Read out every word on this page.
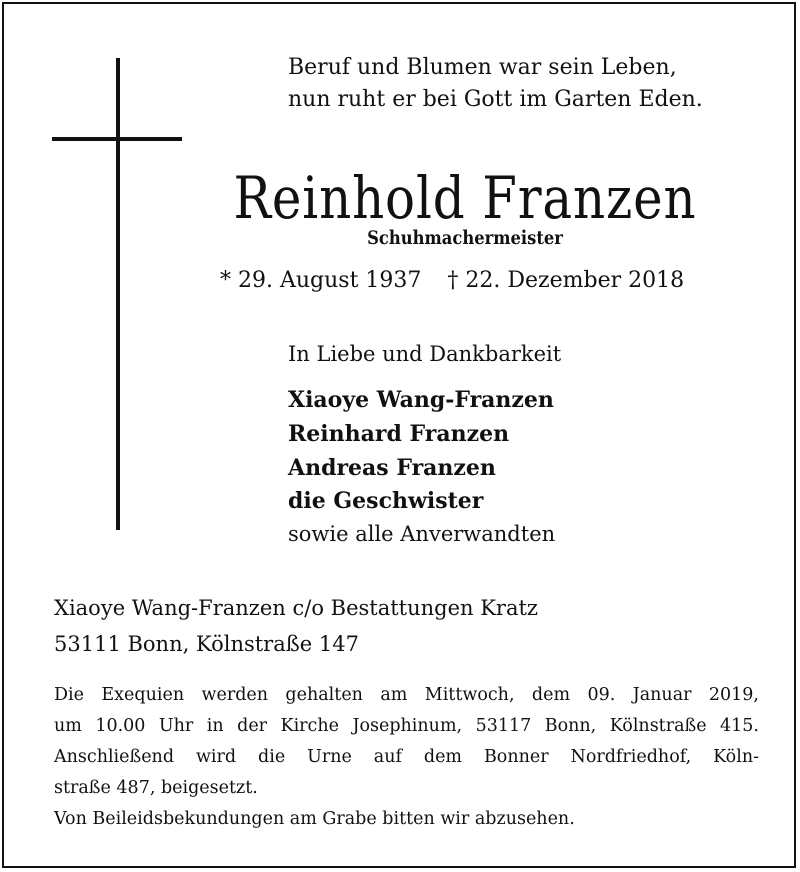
Beruf und Blumen war sein Leben,
nun ruht er bei Gott im Garten Eden.
Reinhold Franzen
Schuhmachermeister
* 29. August 1937 † 22. Dezember 2018
In Liebe und Dankbarkeit
Xiaoye Wang-Franzen
Reinhard Franzen
Andreas Franzen
die Geschwister
sowie alle Anverwandten
Xiaoye Wang-Franzen c/o Bestattungen Kratz
53111 Bonn, Kölnstraße 147
Die Exequien werden gehalten am Mittwoch, dem 09. Januar 2019,
um 10.00 Uhr in der Kirche Josephinum, 53117 Bonn, Kölnstraße 415.
Anschließend wird die Urne auf dem Bonner Nordfriedhof, Köln-
straße 487, beigesetzt.
Von Beileidsbekundungen am Grabe bitten wir abzusehen.
